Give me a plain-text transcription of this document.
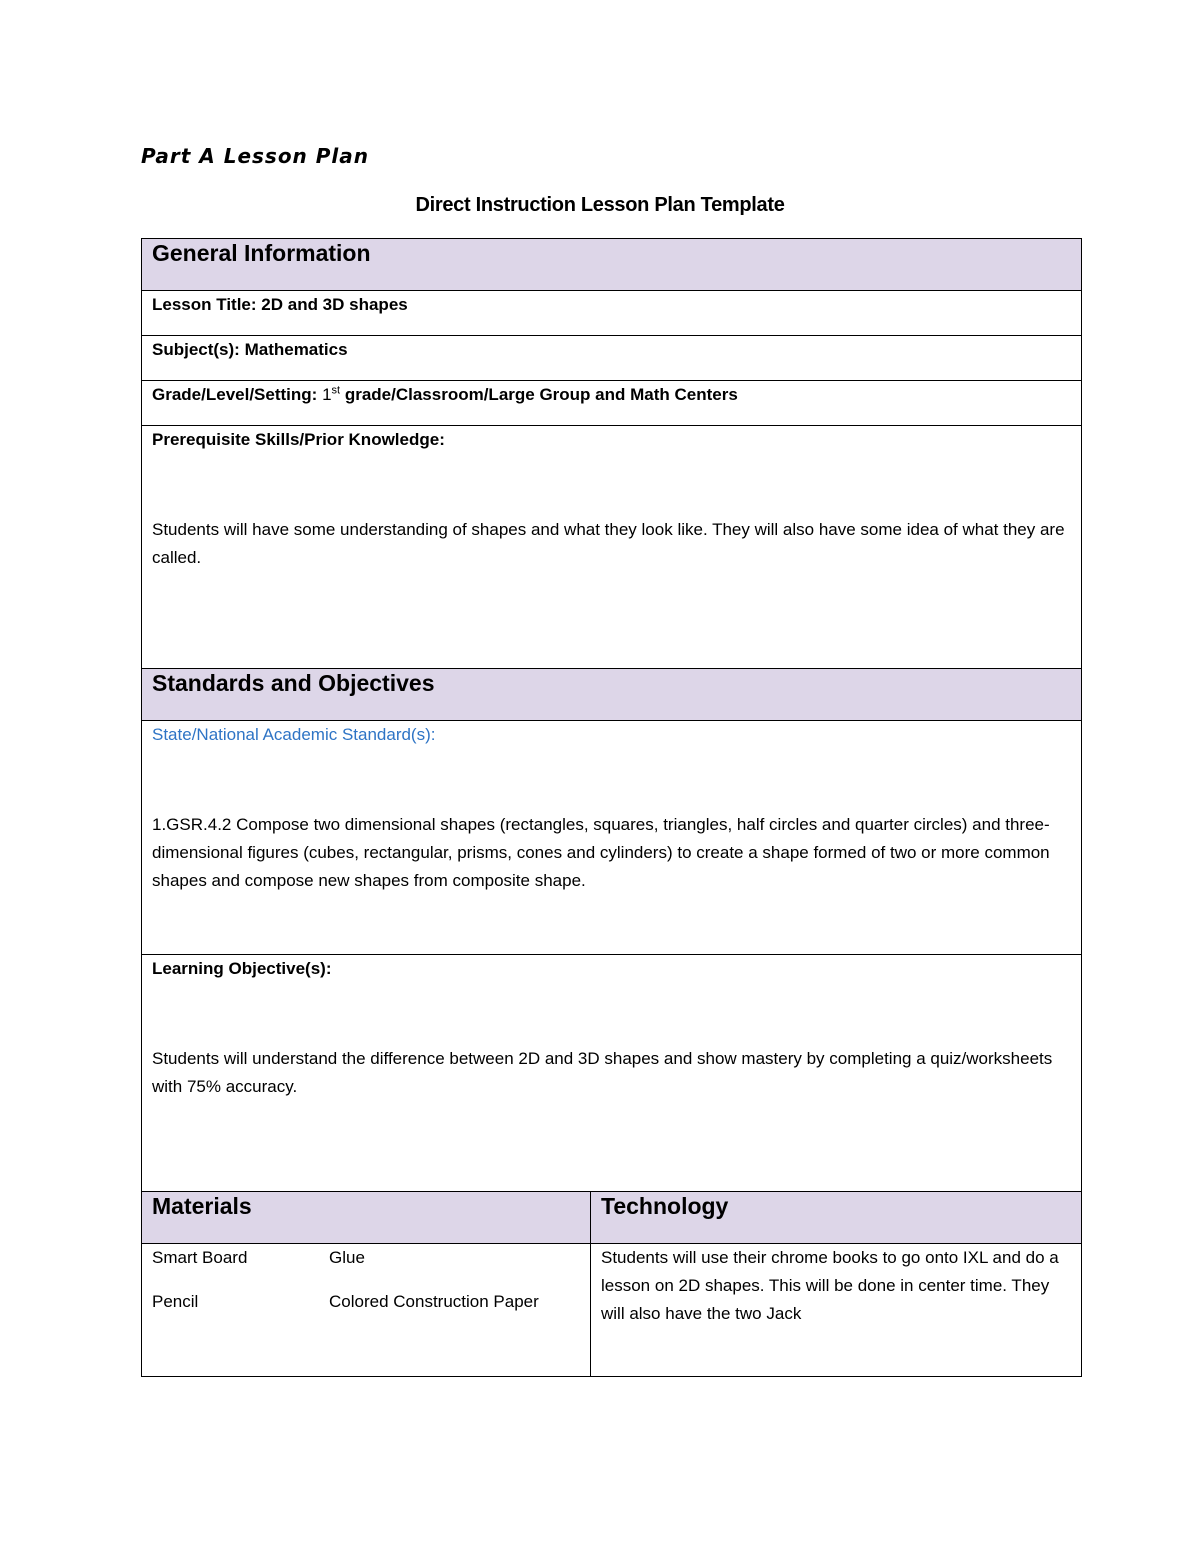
Part A Lesson Plan
Direct Instruction Lesson Plan Template
General Information	
Lesson Title: 2D and 3D shapes	
Subject(s): Mathematics	
Grade/Level/Setting: 1st grade/Classroom/Large Group and Math Centers	

Prerequisite Skills/Prior Knowledge:
Students will have some understanding of shapes and what they look like. They will also have some idea of what they are called.	

Standards and Objectives	

State/National Academic Standard(s):
1.GSR.4.2 Compose two dimensional shapes (rectangles, squares, triangles, half circles and quarter circles) and three-dimensional figures (cubes, rectangular, prisms, cones and cylinders) to create a shape formed of two or more common shapes and compose new shapes from composite shape.	

Learning Objective(s):
Students will understand the difference between 2D and 3D shapes and show mastery by completing a quiz/worksheets with 75% accuracy.	

Materials	Technology

Smart Board Glue
Pencil Colored Construction Paper	Students will use their chrome books to go onto IXL and do a lesson on 2D shapes. This will be done in center time. They will also have the two Jack
